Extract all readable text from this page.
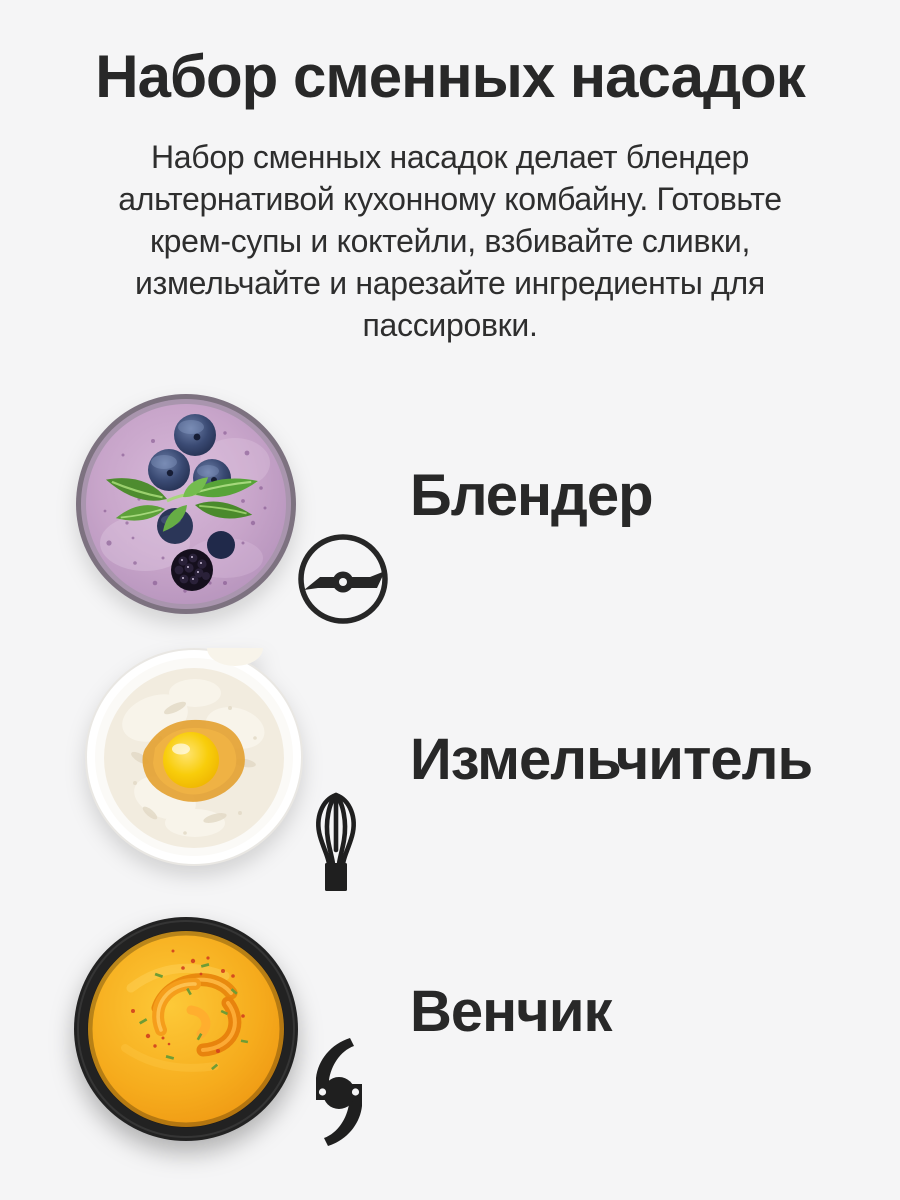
Набор сменных насадок
Набор сменных насадок делает блендер
альтернативой кухонному комбайну. Готовьте
крем-супы и коктейли, взбивайте сливки,
измельчайте и нарезайте ингредиенты для
пассировки.
Блендер
Измельчитель
Венчик
